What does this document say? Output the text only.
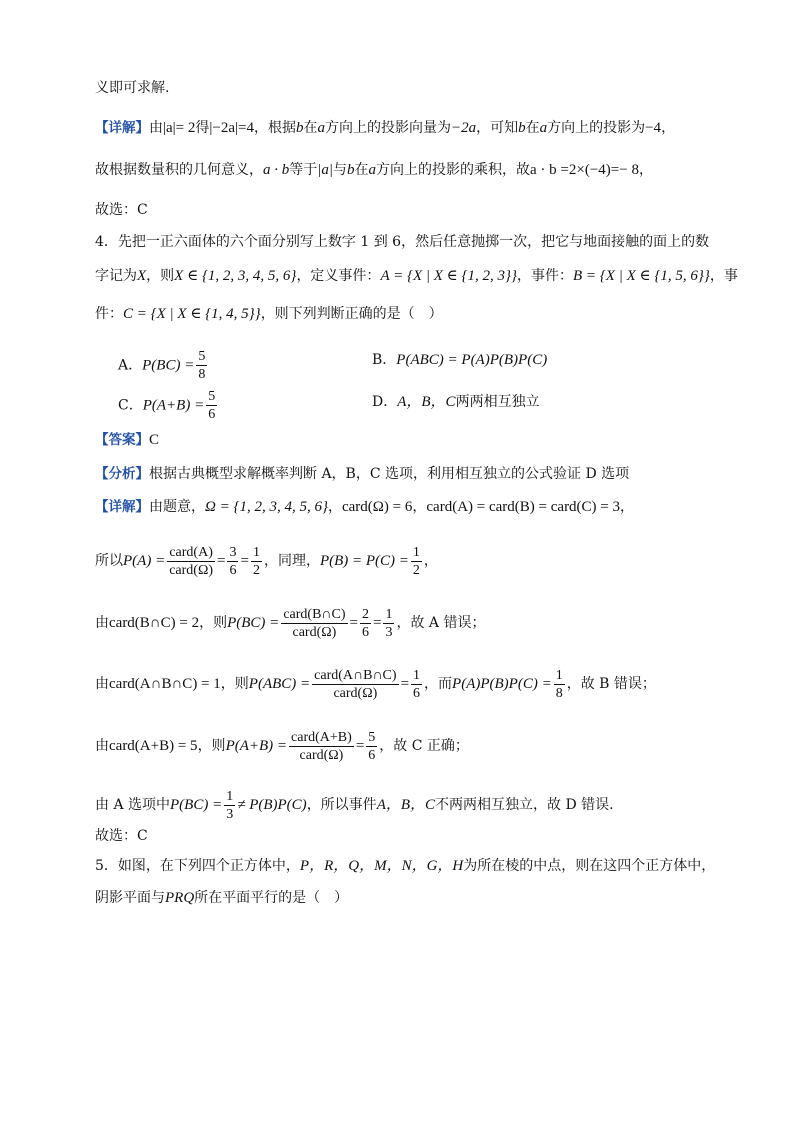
义即可求解.
【详解】由|a|= 2得|−2a|=4，根据b在a方向上的投影向量为−2a，可知b在a方向上的投影为−4，
故根据数量积的几何意义，a · b等于|a|与b在a方向上的投影的乘积，故a · b =2×(−4)=− 8，
故选：C
4．先把一正六面体的六个面分别写上数字 1 到 6，然后任意抛掷一次，把它与地面接触的面上的数
字记为X，则X ∈ {1, 2, 3, 4, 5, 6}，定义事件：A = {X | X ∈ {1, 2, 3}}，事件：B = {X | X ∈ {1, 5, 6}}，事
件：C = {X | X ∈ {1, 4, 5}}，则下列判断正确的是（　）
A．$P(BC) = \frac{5}{8}$	B．P(ABC) = P(A)P(B)P(C)
C．$P(A+B) = \frac{5}{6}$	D．A，B，C两两相互独立
【答案】C
【分析】根据古典概型求解概率判断 A，B，C 选项，利用相互独立的公式验证 D 选项
【详解】由题意，Ω = {1, 2, 3, 4, 5, 6}，card(Ω) = 6，card(A) = card(B) = card(C) = 3，
所以$P(A) = \frac{\text{card(A)}}{\text{card(Ω)}} = \frac{3}{6} = \frac{1}{2}$ ，同理，$P(B) = P(C) = \frac{1}{2}$ ，
由card(B∩C) = 2，则$P(BC) = \frac{\text{card(B∩C)}}{\text{card(Ω)}} = \frac{2}{6} = \frac{1}{3}$ ，故 A 错误；
由card(A∩B∩C) = 1，则$P(ABC) = \frac{\text{card(A∩B∩C)}}{\text{card(Ω)}} = \frac{1}{6}$ ，而$P(A)P(B)P(C) = \frac{1}{8}$ ，故 B 错误；
由card(A+B) = 5，则$P(A+B) = \frac{\text{card(A+B)}}{\text{card(Ω)}} = \frac{5}{6}$ ，故 C 正确；
由 A 选项中$P(BC) = \frac{1}{3} \ne P(B)P(C)$，所以事件A，B，C不两两相互独立，故 D 错误.
故选：C
5．如图，在下列四个正方体中，P，R，Q，M，N，G，H为所在棱的中点，则在这四个正方体中，
阴影平面与PRQ所在平面平行的是（　）
